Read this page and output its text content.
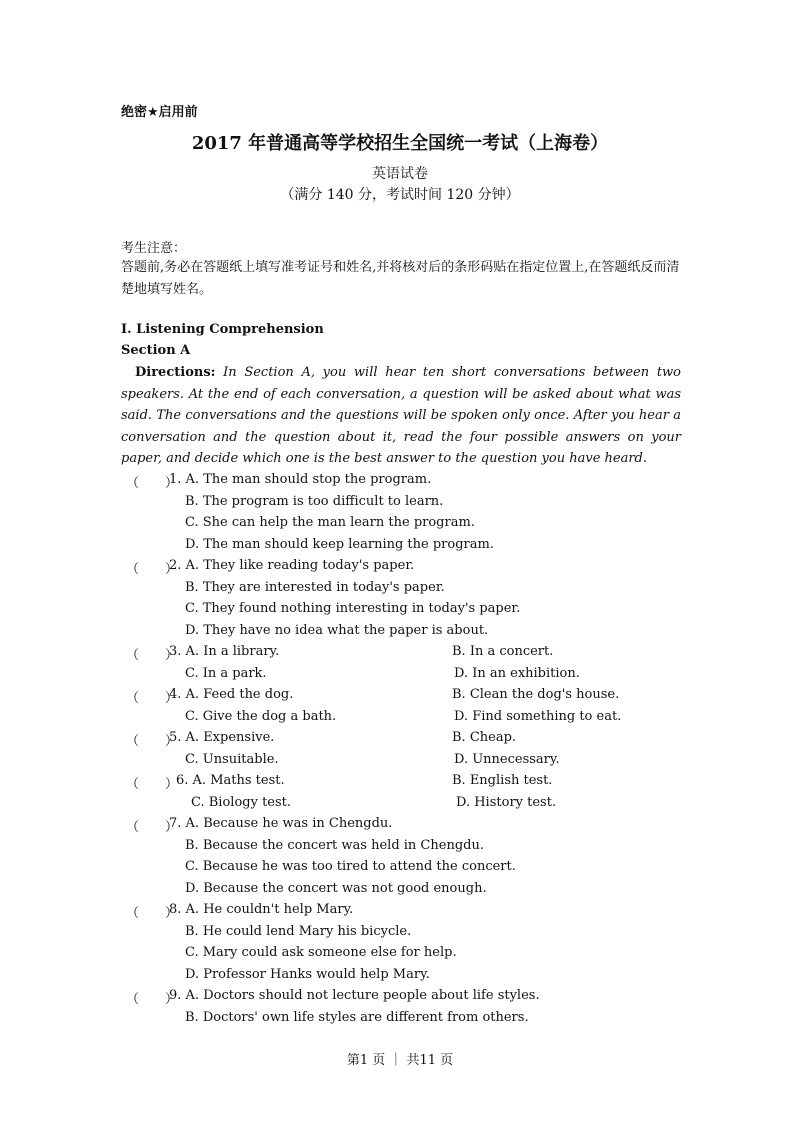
绝密★启用前
2017 年普通高等学校招生全国统一考试（上海卷）
英语试卷
（满分 140 分，考试时间 120 分钟）
考生注意：
答题前,务必在答题纸上填写准考证号和姓名,并将核对后的条形码贴在指定位置上,在答题纸反而清楚地填写姓名。
I. Listening Comprehension
Section A
Directions: In Section A, you will hear ten short conversations between two speakers. At the end of each conversation, a question will be asked about what was said. The conversations and the questions will be spoken only once. After you hear a conversation and the question about it, read the four possible answers on your paper, and decide which one is the best answer to the question you have heard.
（　　）
1. A. The man should stop the program.
B. The program is too difficult to learn.
C. She can help the man learn the program.
D. The man should keep learning the program.
（　　）
2. A. They like reading today's paper.
B. They are interested in today's paper.
C. They found nothing interesting in today's paper.
D. They have no idea what the paper is about.
（　　）
3. A. In a library.	B. In a concert.
C. In a park.	D. In an exhibition.
（　　）
4. A. Feed the dog.	B. Clean the dog's house.
C. Give the dog a bath.	D. Find something to eat.
（　　）
5. A. Expensive.	B. Cheap.
C. Unsuitable.	D. Unnecessary.
（　　）
6. A. Maths test.	B. English test.
C. Biology test.	D. History test.
（　　）
7. A. Because he was in Chengdu.
B. Because the concert was held in Chengdu.
C. Because he was too tired to attend the concert.
D. Because the concert was not good enough.
（　　）
8. A. He couldn't help Mary.
B. He could lend Mary his bicycle.
C. Mary could ask someone else for help.
D. Professor Hanks would help Mary.
（　　）
9. A. Doctors should not lecture people about life styles.
B. Doctors' own life styles are different from others.
第1 页 ｜ 共11 页
